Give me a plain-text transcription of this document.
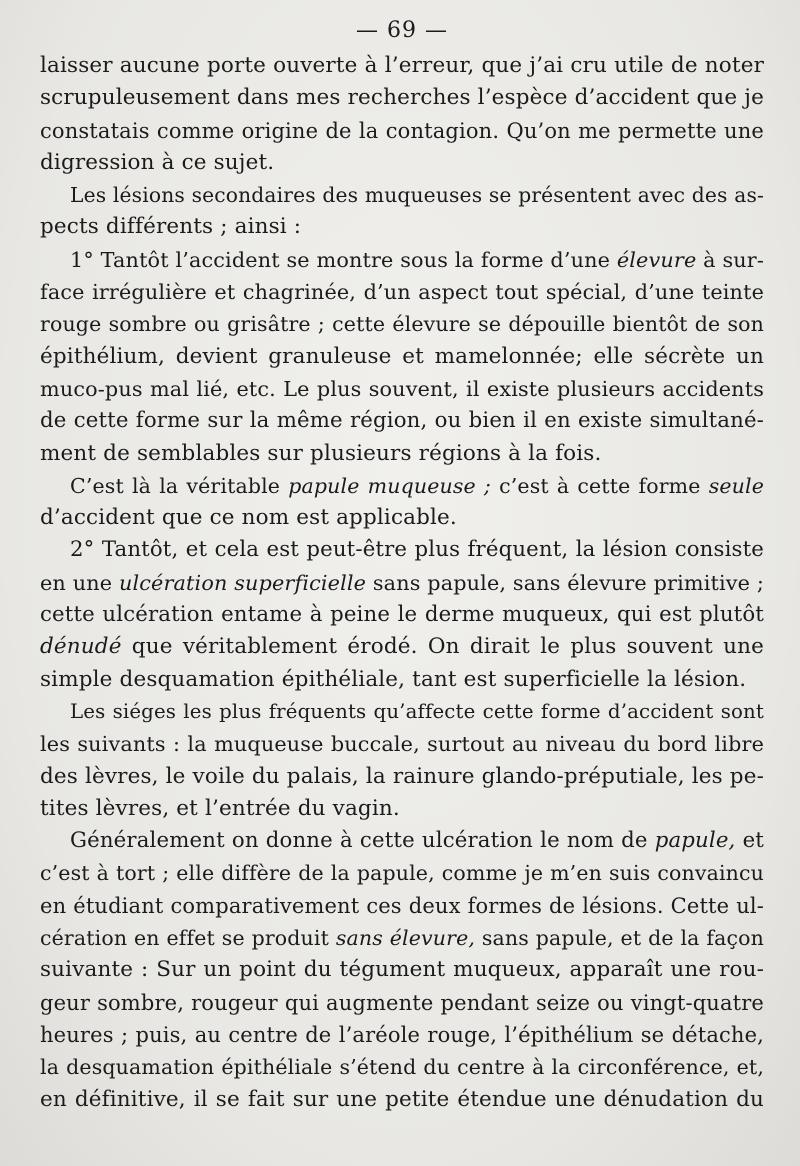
— 69 —
laisser aucune porte ouverte à l’erreur, que j’ai cru utile de noter
scrupuleusement dans mes recherches l’espèce d’accident que je
constatais comme origine de la contagion. Qu’on me permette une
digression à ce sujet.
Les lésions secondaires des muqueuses se présentent avec des as-
pects différents ; ainsi :
1° Tantôt l’accident se montre sous la forme d’une élevure à sur-
face irrégulière et chagrinée, d’un aspect tout spécial, d’une teinte
rouge sombre ou grisâtre ; cette élevure se dépouille bientôt de son
épithélium, devient granuleuse et mamelonnée; elle sécrète un
muco-pus mal lié, etc. Le plus souvent, il existe plusieurs accidents
de cette forme sur la même région, ou bien il en existe simultané-
ment de semblables sur plusieurs régions à la fois.
C’est là la véritable papule muqueuse ; c’est à cette forme seule
d’accident que ce nom est applicable.
2° Tantôt, et cela est peut-être plus fréquent, la lésion consiste
en une ulcération superficielle sans papule, sans élevure primitive ;
cette ulcération entame à peine le derme muqueux, qui est plutôt
dénudé que véritablement érodé. On dirait le plus souvent une
simple desquamation épithéliale, tant est superficielle la lésion.
Les siéges les plus fréquents qu’affecte cette forme d’accident sont
les suivants : la muqueuse buccale, surtout au niveau du bord libre
des lèvres, le voile du palais, la rainure glando-préputiale, les pe-
tites lèvres, et l’entrée du vagin.
Généralement on donne à cette ulcération le nom de papule, et
c’est à tort ; elle diffère de la papule, comme je m’en suis convaincu
en étudiant comparativement ces deux formes de lésions. Cette ul-
cération en effet se produit sans élevure, sans papule, et de la façon
suivante : Sur un point du tégument muqueux, apparaît une rou-
geur sombre, rougeur qui augmente pendant seize ou vingt-quatre
heures ; puis, au centre de l’aréole rouge, l’épithélium se détache,
la desquamation épithéliale s’étend du centre à la circonférence, et,
en définitive, il se fait sur une petite étendue une dénudation du
